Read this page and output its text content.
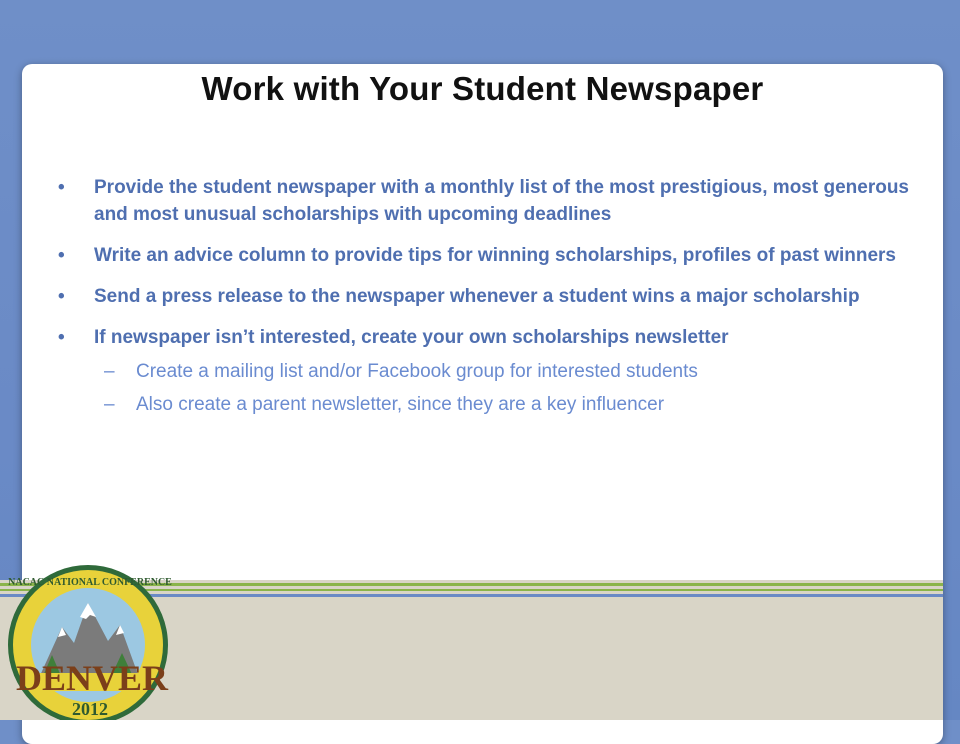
Work with Your Student Newspaper
• Provide the student newspaper with a monthly list of the most prestigious, most generous and most unusual scholarships with upcoming deadlines
• Write an advice column to provide tips for winning scholarships, profiles of past winners
• Send a press release to the newspaper whenever a student wins a major scholarship
• If newspaper isn’t interested, create your own scholarships newsletter
– Create a mailing list and/or Facebook group for interested students
– Also create a parent newsletter, since they are a key influencer
NACAC NATIONAL CONFERENCE
DENVER
2012
